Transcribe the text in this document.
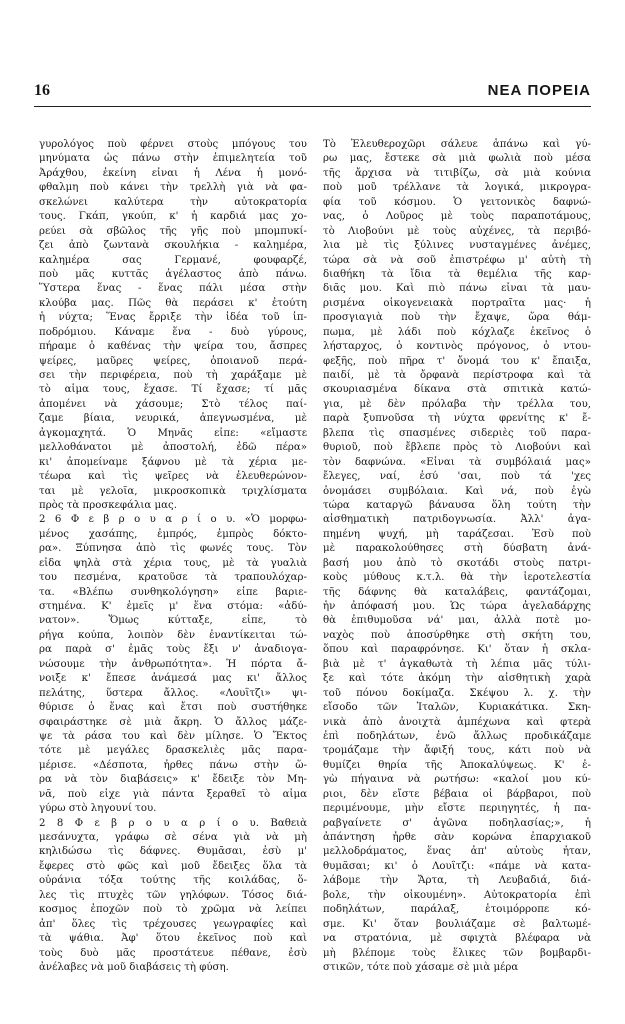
16	ΝΕΑ ΠΟΡΕΙΑ
γυρολόγος ποὺ φέρνει στοὺς μπόγους του
μηνύματα ὡς πάνω στὴν ἐπιμελητεία τοῦ
Ἀράχθου, ἐκείνη εἶναι ἡ Λένα ἡ μονό-
φθαλμη ποὺ κάνει τὴν τρελλὴ γιὰ νὰ φα-
σκελώνει καλύτερα τὴν αὐτοκρατορία
τους. Γκάπ, γκούπ, κ' ἡ καρδιά μας χο-
ρεύει σὰ σβῶλος τῆς γῆς ποὺ μπομπυκί-
ζει ἀπὸ ζωντανὰ σκουλήκια - καλημέρα,
καλημέρα σας Γερμανέ, φουφαρζέ,
ποὺ μᾶς κυττᾶς ἀγέλαστος ἀπὸ πάνω.
Ὕστερα ἕνας - ἕνας πάλι μέσα στὴν
κλούβα μας. Πῶς θὰ περάσει κ' ἐτούτη
ἡ νύχτα; Ἕνας ἔρριξε τὴν ἰδέα τοῦ ἱπ-
ποδρόμιου. Κάναμε ἕνα - δυὸ γύρους,
πήραμε ὁ καθένας τὴν ψείρα του, ἄσπρες
ψείρες, μαῦρες ψείρες, ὁποιανοῦ περά-
σει τὴν περιφέρεια, ποὺ τὴ χαράξαμε μὲ
τὸ αἷμα τους, ἔχασε. Τί ἔχασε; τί μᾶς
ἀπομένει νὰ χάσουμε; Στὸ τέλος παί-
ζαμε βίαια, νευρικά, ἀπεγνωσμένα, μὲ
ἀγκομαχητά. Ὁ Μηνᾶς εἶπε: «εἴμαστε
μελλοθάνατοι μὲ ἀποστολή, ἐδῶ πέρα»
κι' ἀπομείναμε ξάφνου μὲ τὰ χέρια με-
τέωρα καὶ τὶς ψεῖρες νὰ ἐλευθερώνον-
ται μὲ γελοῖα, μικροσκοπικὰ τριχλίσματα
πρὸς τὰ προσκεφάλια μας.
2 6 Φ ε β ρ ο υ α ρ ί ο υ. «Ὁ μορφω-
μένος χασάπης, ἐμπρός, ἐμπρὸς δόκτο-
ρα». Ξύπνησα ἀπὸ τὶς φωνές τους. Τὸν
εἶδα ψηλὰ στὰ χέρια τους, μὲ τὰ γυαλιὰ
του πεσμένα, κρατοῦσε τὰ τραπουλόχαρ-
τα. «Βλέπω συνθηκολόγηση» εἶπε βαριε-
στημένα. Κ' ἐμεῖς μ' ἕνα στόμα: «ἀδύ-
νατον». Ὅμως κύτταξε, εἶπε, τὸ
ρήγα κούπα, λοιπὸν δὲν ἐναντίκειται τώ-
ρα παρὰ σ' ἐμᾶς τοὺς ἔξι ν' ἀναδιογα-
νώσουμε τὴν ἀνθρωπότητα». Ἡ πόρτα ἄ-
νοιξε κ' ἔπεσε ἀνάμεσά μας κι' ἄλλος
πελάτης, ὕστερα ἄλλος. «Λουΐτζι» ψι-
θύρισε ὁ ἕνας καὶ ἔτσι ποὺ συστήθηκε
σφαιράστηκε σὲ μιὰ ἄκρη. Ὁ ἄλλος μάζε-
ψε τὰ ράσα του καὶ δὲν μίλησε. Ὁ Ἔκτος
τότε μὲ μεγάλες δρασκελιὲς μᾶς παρα-
μέρισε. «Δέσποτα, ἦρθες πάνω στὴν ὥ-
ρα νὰ τὸν διαβάσεις» κ' ἔδειξε τὸν Μη-
νᾶ, ποὺ εἶχε γιὰ πάντα ξεραθεῖ τὸ αἷμα
γύρω στὸ ληγουνί του.
2 8 Φ ε β ρ ο υ α ρ ί ο υ. Βαθειὰ
μεσάνυχτα, γράφω σὲ σένα γιὰ νὰ μὴ
κηλιδώσω τὶς δάφνες. Θυμᾶσαι, ἐσὺ μ'
ἔφερες στὸ φῶς καὶ μοῦ ἔδειξες ὅλα τὰ
οὐράνια τόξα τούτης τῆς κοιλάδας, ὅ-
λες τὶς πτυχὲς τῶν γηλόφων. Τόσος διά-
κοσμος ἐποχῶν ποὺ τὸ χρῶμα νὰ λείπει
ἀπ' ὅλες τὶς τρέχουσες γεωγραφίες καὶ
τὰ ψάθια. Ἀφ' ὅτου ἐκεῖνος ποὺ καὶ
τοὺς δυὸ μᾶς προστάτευε πέθανε, ἐσὺ
ἀνέλαβες νὰ μοῦ διαβάσεις τὴ φύση.
Τὸ Ἐλευθεροχῶρι σάλευε ἁπάνω καὶ γύ-
ρω μας, ἔστεκε σὰ μιὰ φωλιὰ ποὺ μέσα
τῆς ἄρχισα νὰ τιτιβίζω, σὰ μιὰ κούνια
ποὺ μοῦ τρέλλανε τὰ λογικά, μικρογρα-
φία τοῦ κόσμου. Ὁ γειτονικὸς δαφνώ-
νας, ὁ Λοῦρος μὲ τοὺς παραποτάμους,
τὸ Λιοβούνι μὲ τοὺς αὐχένες, τὰ περιβό-
λια μὲ τὶς ξύλινες νυσταγμένες ἀνέμες,
τώρα σὰ νὰ σοῦ ἐπιστρέφω μ' αὐτὴ τὴ
διαθήκη τὰ ἴδια τὰ θεμέλια τῆς καρ-
διᾶς μου. Καὶ πιὸ πάνω εἶναι τὰ μαυ-
ρισμένα οἰκογενειακὰ πορτραῖτα μας· ἡ
προσγιαγιὰ ποὺ τὴν ἔχαψε, ὥρα θάμ-
πωμα, μὲ λάδι ποὺ κόχλαζε ἐκεῖνος ὁ
λήσταρχος, ὁ κοντινὸς πρόγονος, ὁ ντου-
φεξῆς, ποὺ πῆρα τ' ὄνομά του κ' ἔπαιξα,
παιδί, μὲ τὰ ὄρφανὰ περίστροφα καὶ τὰ
σκουριασμένα δίκανα στὰ σπιτικὰ κατώ-
για, μὲ δὲν πρόλαβα τὴν τρέλλα του,
παρὰ ξυπνοῦσα τὴ νύχτα φρενίτης κ' ἔ-
βλεπα τὶς σπασμένες σιδεριὲς τοῦ παρα-
θυριοῦ, ποὺ ἔβλεπε πρὸς τὸ Λιοβούνι καὶ
τὸν δαφνώνα. «Εἶναι τὰ συμβόλαιά μας»
ἔλεγες, ναί, ἐσύ 'σαι, ποὺ τά 'χες
ὀνομάσει συμβόλαια. Καὶ νά, ποὺ ἐγὼ
τώρα καταργῶ βάναυσα ὅλη τούτη τὴν
αἰσθηματικὴ πατριδογνωσία. Ἀλλ' ἀγα-
πημένη ψυχή, μὴ ταράζεσαι. Ἐσὺ ποὺ
μὲ παρακολούθησες στὴ δύσβατη ἀνά-
βασή μου ἀπὸ τὸ σκοτάδι στοὺς πατρι-
κοὺς μύθους κ.τ.λ. θὰ τὴν ἱεροτελεστία
τῆς δάφνης θὰ καταλάβεις, φαντάζομαι,
ἡν ἀπόφασή μου. Ὡς τώρα ἀγελαδάρχης
θὰ ἐπιθυμοῦσα νά' μαι, ἀλλὰ ποτὲ μο-
ναχὸς ποὺ ἀποσύρθηκε στὴ σκήτη του,
ὅπου καὶ παραφρόνησε. Κι' ὅταν ἡ σκλα-
βιὰ μὲ τ' ἀγκαθωτὰ τὴ λέπια μᾶς τύλι-
ξε καὶ τότε ἀκόμη τὴν αἰσθητικὴ χαρὰ
τοῦ πόνου δοκίμαζα. Σκέψου λ. χ. τὴν
εἴσοδο τῶν Ἰταλῶν, Κυριακάτικα. Σκη-
νικὰ ἀπὸ ἀνοιχτὰ ἁμπέχωνα καὶ φτερὰ
ἐπὶ ποδηλάτων, ἐνῶ ἄλλως προδικάζαμε
τρομάζαμε τὴν ἄφιξή τους, κάτι ποὺ νὰ
θυμίζει θηρία τῆς Ἀποκαλύψεως. Κ' ἐ-
γὼ πήγαινα νὰ ρωτήσω: «καλοί μου κύ-
ριοι, δὲν εἴστε βέβαια οἱ βάρβαροι, ποὺ
περιμένουμε, μὴν εἴστε περιηγητές, ἡ πα-
ραβγαίνετε σ' ἀγῶνα ποδηλασίας;», ἡ
ἀπάντηση ἦρθε σὰν κορώνα ἐπαρχιακοῦ
μελλοδράματος, ἕνας ἀπ' αὐτοὺς ἦταν,
θυμᾶσαι; κι' ὁ Λουΐτζι: «πάμε νὰ κατα-
λάβομε τὴν Ἄρτα, τὴ Λευβαδιά, διά-
βολε, τὴν οἰκουμένη». Αὐτοκρατορία ἐπὶ
ποδηλάτων, παράλαξ, ἑτοιμόρροπε κό-
σμε. Κι' ὅταν βουλιάζαμε σὲ βαλτωμέ-
να στρατόνια, μὲ σφιχτὰ βλέφαρα νὰ
μὴ βλέπομε τοὺς ἕλικες τῶν βομβαρδι-
στικῶν, τότε ποὺ χάσαμε σὲ μιὰ μέρα
